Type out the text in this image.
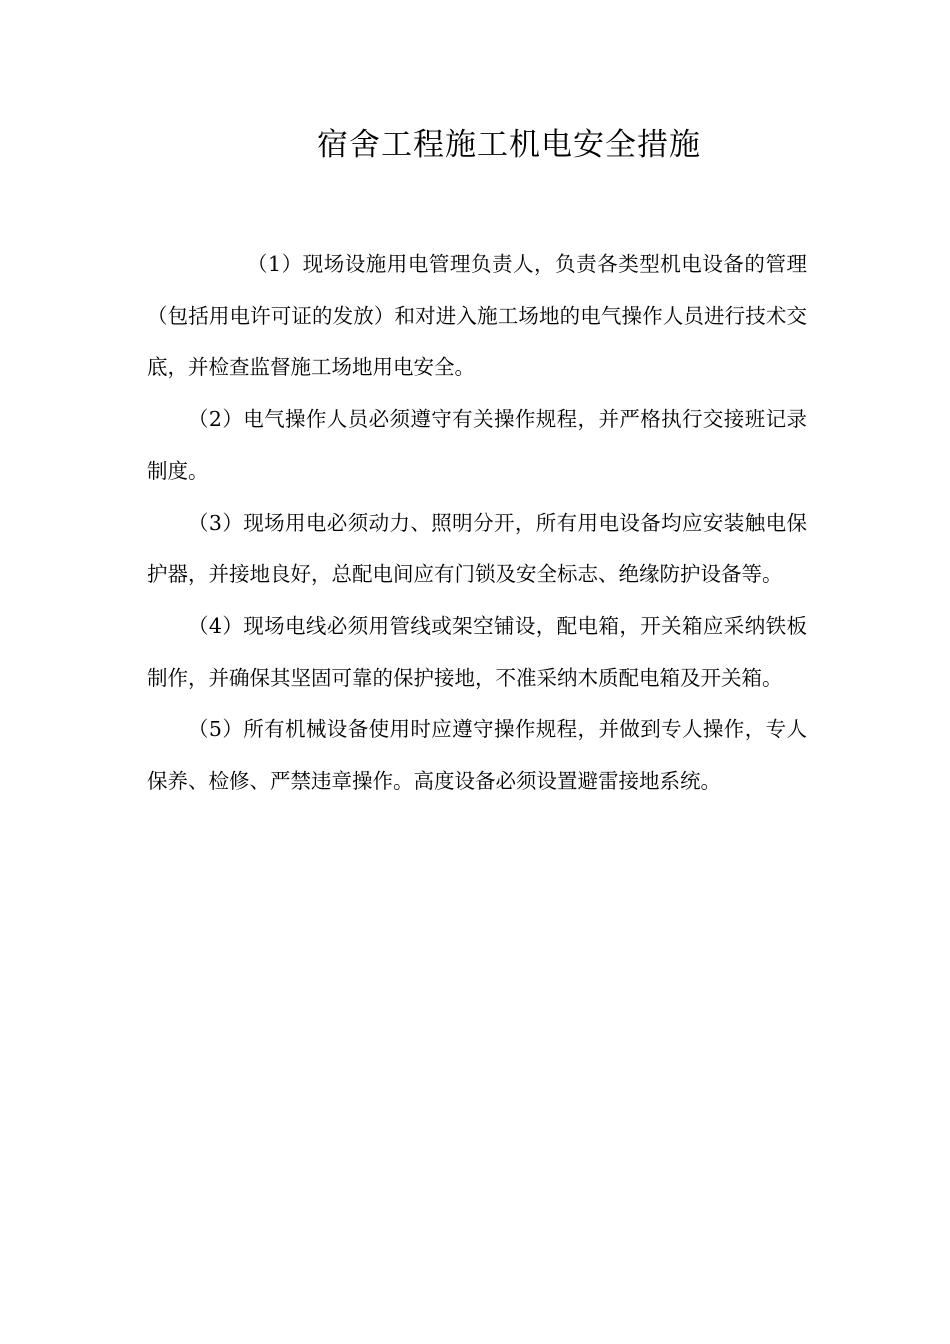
宿舍工程施工机电安全措施

（1）现场设施用电管理负责人，负责各类型机电设备的管理（包括用电许可证的发放）和对进入施工场地的电气操作人员进行技术交底，并检查监督施工场地用电安全。

（2）电气操作人员必须遵守有关操作规程，并严格执行交接班记录制度。

（3）现场用电必须动力、照明分开，所有用电设备均应安装触电保护器，并接地良好，总配电间应有门锁及安全标志、绝缘防护设备等。

（4）现场电线必须用管线或架空铺设，配电箱，开关箱应采纳铁板制作，并确保其坚固可靠的保护接地，不准采纳木质配电箱及开关箱。

（5）所有机械设备使用时应遵守操作规程，并做到专人操作，专人保养、检修、严禁违章操作。高度设备必须设置避雷接地系统。
